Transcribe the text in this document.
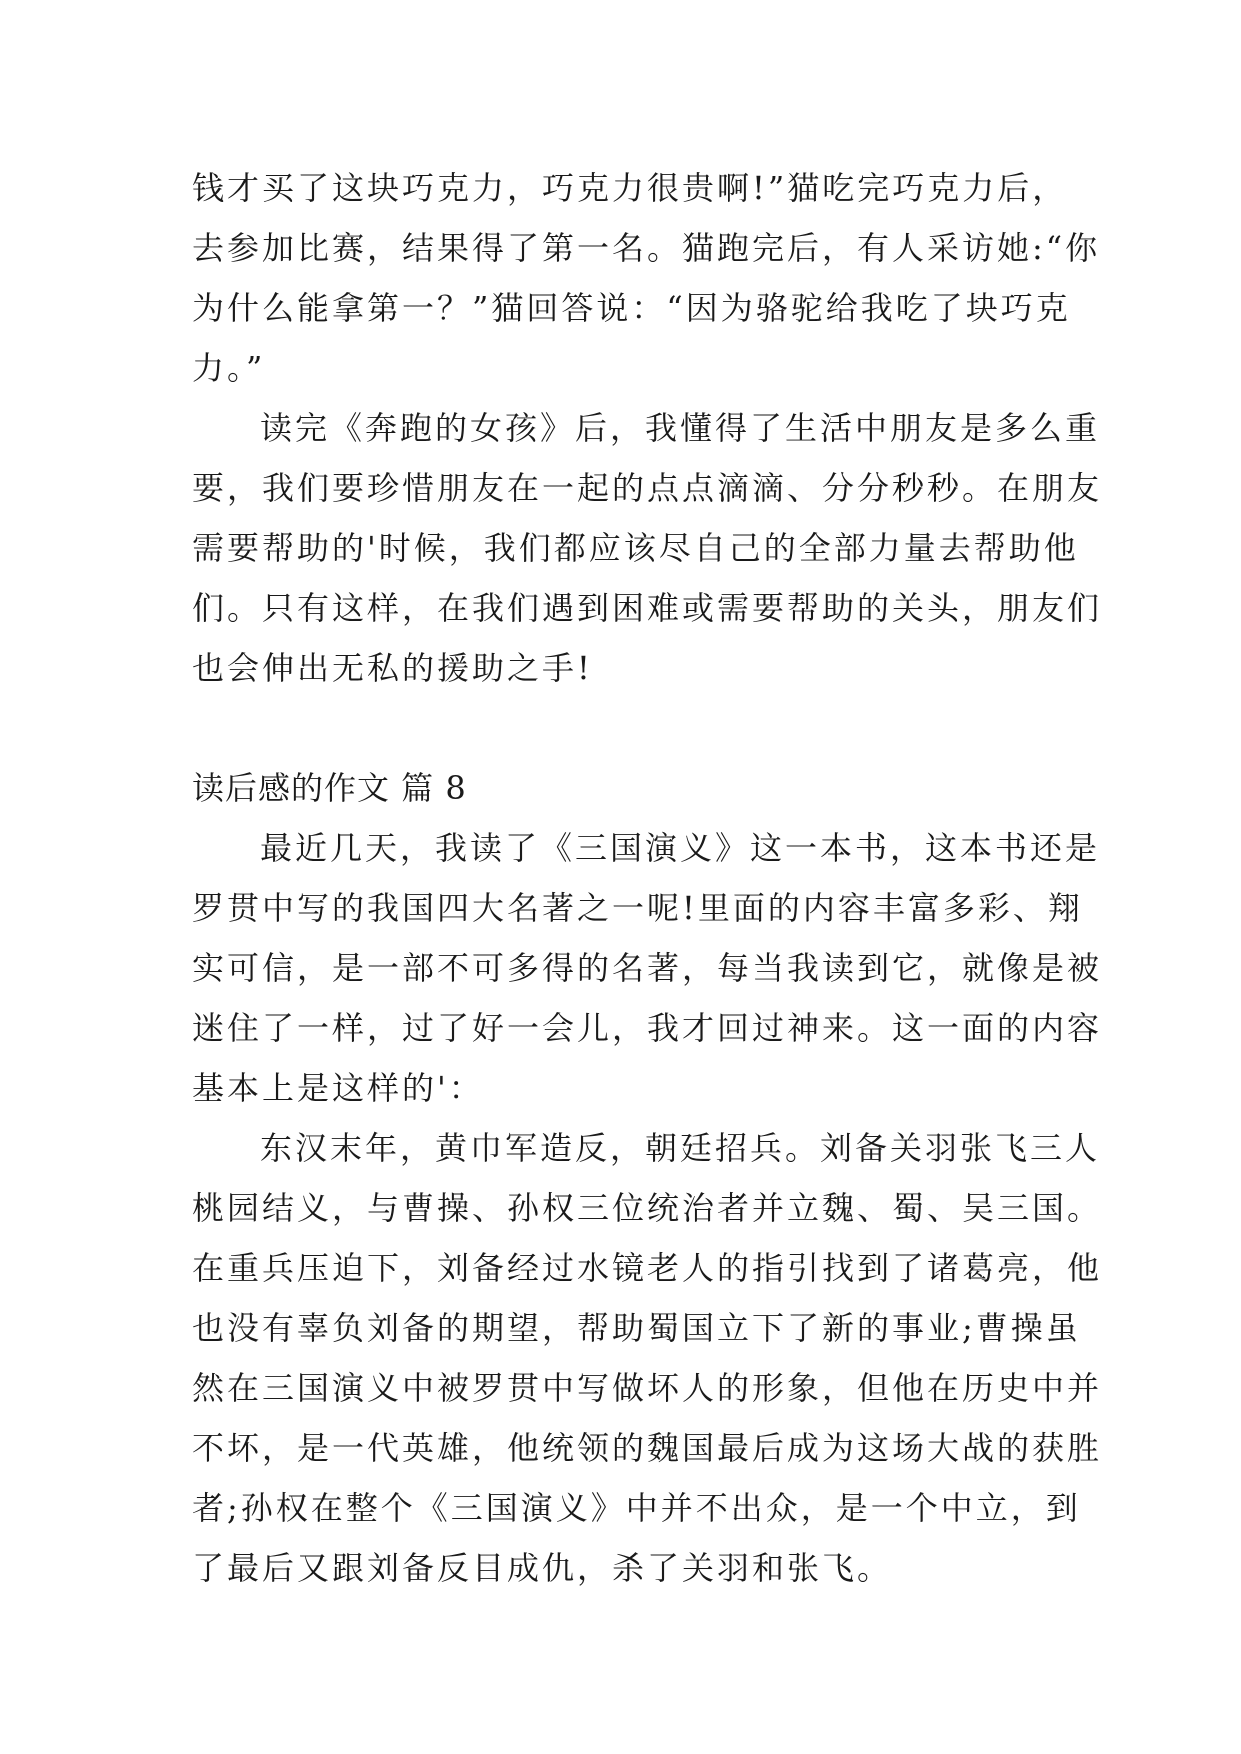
钱才买了这块巧克力，巧克力很贵啊!”猫吃完巧克力后，

去参加比赛，结果得了第一名。猫跑完后，有人采访她:“你

为什么能拿第一？”猫回答说：“因为骆驼给我吃了块巧克

力。”

读完《奔跑的女孩》后，我懂得了生活中朋友是多么重

要，我们要珍惜朋友在一起的点点滴滴、分分秒秒。在朋友

需要帮助的'时候，我们都应该尽自己的全部力量去帮助他

们。只有这样，在我们遇到困难或需要帮助的关头，朋友们

也会伸出无私的援助之手!

读后感的作文 篇 8

最近几天，我读了《三国演义》这一本书，这本书还是

罗贯中写的我国四大名著之一呢!里面的内容丰富多彩、翔

实可信，是一部不可多得的名著，每当我读到它，就像是被

迷住了一样，过了好一会儿，我才回过神来。这一面的内容

基本上是这样的'：

东汉末年，黄巾军造反，朝廷招兵。刘备关羽张飞三人

桃园结义，与曹操、孙权三位统治者并立魏、蜀、吴三国。

在重兵压迫下，刘备经过水镜老人的指引找到了诸葛亮，他

也没有辜负刘备的期望，帮助蜀国立下了新的事业;曹操虽

然在三国演义中被罗贯中写做坏人的形象，但他在历史中并

不坏，是一代英雄，他统领的魏国最后成为这场大战的获胜

者;孙权在整个《三国演义》中并不出众，是一个中立，到

了最后又跟刘备反目成仇，杀了关羽和张飞。
